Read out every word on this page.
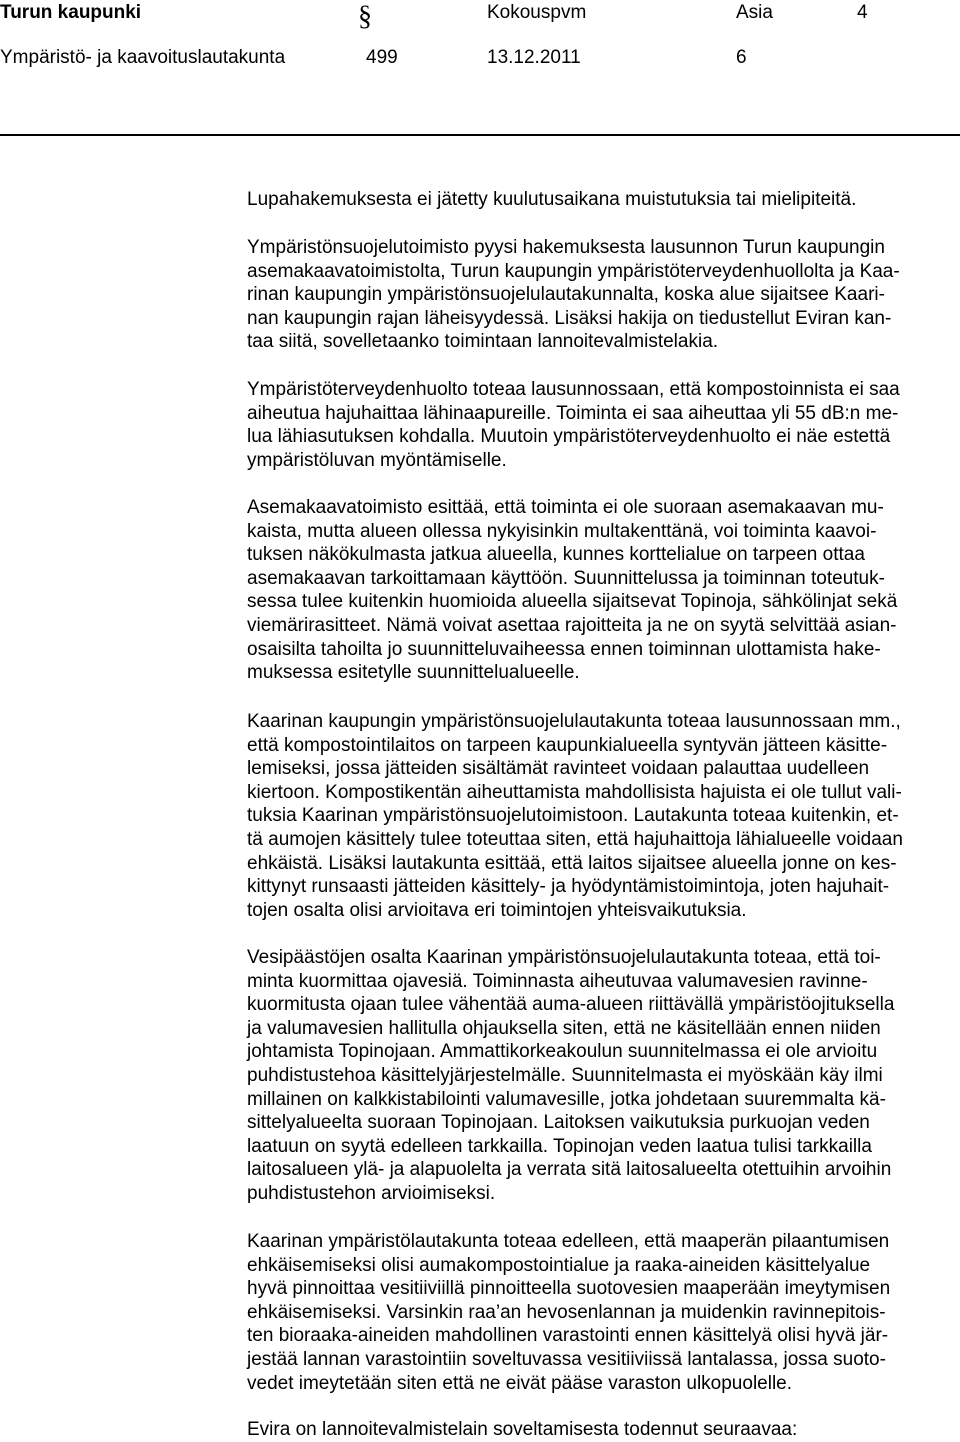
Turun kaupunki	§	Kokouspvm	Asia	4
Ympäristö- ja kaavoituslautakunta	499	13.12.2011	6
Lupahakemuksesta ei jätetty kuulutusaikana muistutuksia tai mielipiteitä.
Ympäristönsuojelutoimisto pyysi hakemuksesta lausunnon Turun kaupungin
asemakaavatoimistolta, Turun kaupungin ympäristöterveydenhuollolta ja Kaa-
rinan kaupungin ympäristönsuojelulautakunnalta, koska alue sijaitsee Kaari-
nan kaupungin rajan läheisyydessä. Lisäksi hakija on tiedustellut Eviran kan-
taa siitä, sovelletaanko toimintaan lannoitevalmistelakia.
Ympäristöterveydenhuolto toteaa lausunnossaan, että kompostoinnista ei saa
aiheutua hajuhaittaa lähinaapureille. Toiminta ei saa aiheuttaa yli 55 dB:n me-
lua lähiasutuksen kohdalla. Muutoin ympäristöterveydenhuolto ei näe estettä
ympäristöluvan myöntämiselle.
Asemakaavatoimisto esittää, että toiminta ei ole suoraan asemakaavan mu-
kaista, mutta alueen ollessa nykyisinkin multakenttänä, voi toiminta kaavoi-
tuksen näkökulmasta jatkua alueella, kunnes korttelialue on tarpeen ottaa
asemakaavan tarkoittamaan käyttöön. Suunnittelussa ja toiminnan toteutuk-
sessa tulee kuitenkin huomioida alueella sijaitsevat Topinoja, sähkölinjat sekä
viemärirasitteet. Nämä voivat asettaa rajoitteita ja ne on syytä selvittää asian-
osaisilta tahoilta jo suunnitteluvaiheessa ennen toiminnan ulottamista hake-
muksessa esitetylle suunnittelualueelle.
Kaarinan kaupungin ympäristönsuojelulautakunta toteaa lausunnossaan mm.,
että kompostointilaitos on tarpeen kaupunkialueella syntyvän jätteen käsitte-
lemiseksi, jossa jätteiden sisältämät ravinteet voidaan palauttaa uudelleen
kiertoon. Kompostikentän aiheuttamista mahdollisista hajuista ei ole tullut vali-
tuksia Kaarinan ympäristönsuojelutoimistoon. Lautakunta toteaa kuitenkin, et-
tä aumojen käsittely tulee toteuttaa siten, että hajuhaittoja lähialueelle voidaan
ehkäistä. Lisäksi lautakunta esittää, että laitos sijaitsee alueella jonne on kes-
kittynyt runsaasti jätteiden käsittely- ja hyödyntämistoimintoja, joten hajuhait-
tojen osalta olisi arvioitava eri toimintojen yhteisvaikutuksia.
Vesipäästöjen osalta Kaarinan ympäristönsuojelulautakunta toteaa, että toi-
minta kuormittaa ojavesiä. Toiminnasta aiheutuvaa valumavesien ravinne-
kuormitusta ojaan tulee vähentää auma-alueen riittävällä ympäristöojituksella
ja valumavesien hallitulla ohjauksella siten, että ne käsitellään ennen niiden
johtamista Topinojaan. Ammattikorkeakoulun suunnitelmassa ei ole arvioitu
puhdistustehoa käsittelyjärjestelmälle. Suunnitelmasta ei myöskään käy ilmi
millainen on kalkkistabilointi valumavesille, jotka johdetaan suuremmalta kä-
sittelyalueelta suoraan Topinojaan. Laitoksen vaikutuksia purkuojan veden
laatuun on syytä edelleen tarkkailla. Topinojan veden laatua tulisi tarkkailla
laitosalueen ylä- ja alapuolelta ja verrata sitä laitosalueelta otettuihin arvoihin
puhdistustehon arvioimiseksi.
Kaarinan ympäristölautakunta toteaa edelleen, että maaperän pilaantumisen
ehkäisemiseksi olisi aumakompostointialue ja raaka-aineiden käsittelyalue
hyvä pinnoittaa vesitiiviillä pinnoitteella suotovesien maaperään imeytymisen
ehkäisemiseksi. Varsinkin raa’an hevosenlannan ja muidenkin ravinnepitois-
ten bioraaka-aineiden mahdollinen varastointi ennen käsittelyä olisi hyvä jär-
jestää lannan varastointiin soveltuvassa vesitiiviissä lantalassa, jossa suoto-
vedet imeytetään siten että ne eivät pääse varaston ulkopuolelle.
Evira on lannoitevalmistelain soveltamisesta todennut seuraavaa:
